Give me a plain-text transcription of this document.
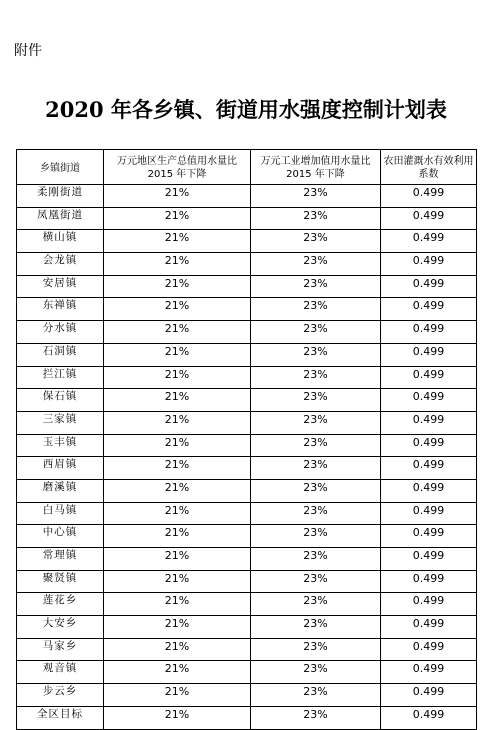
附件
2020 年各乡镇、街道用水强度控制计划表
乡镇街道	万元地区生产总值用水量比 2015 年下降	万元工业增加值用水量比 2015 年下降	农田灌溉水有效利用系数
柔刚街道	21%	23%	0.499
凤凰街道	21%	23%	0.499
横山镇	21%	23%	0.499
会龙镇	21%	23%	0.499
安居镇	21%	23%	0.499
东禅镇	21%	23%	0.499
分水镇	21%	23%	0.499
石洞镇	21%	23%	0.499
拦江镇	21%	23%	0.499
保石镇	21%	23%	0.499
三家镇	21%	23%	0.499
玉丰镇	21%	23%	0.499
西眉镇	21%	23%	0.499
磨溪镇	21%	23%	0.499
白马镇	21%	23%	0.499
中心镇	21%	23%	0.499
常理镇	21%	23%	0.499
聚贤镇	21%	23%	0.499
莲花乡	21%	23%	0.499
大安乡	21%	23%	0.499
马家乡	21%	23%	0.499
观音镇	21%	23%	0.499
步云乡	21%	23%	0.499
全区目标	21%	23%	0.499
